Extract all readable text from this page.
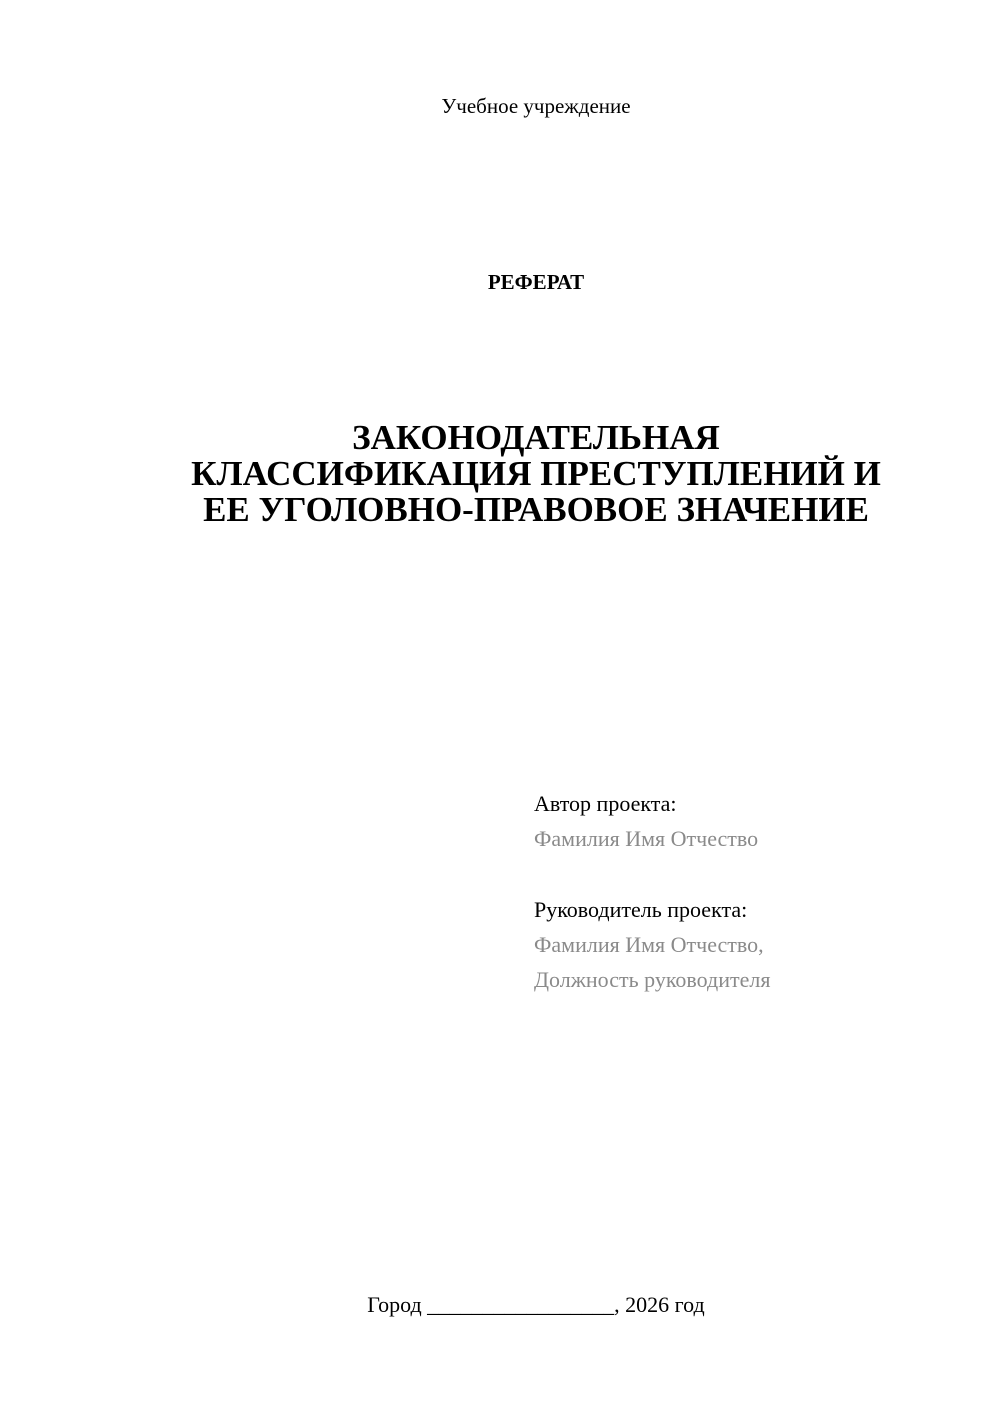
Учебное учреждение
РЕФЕРАТ
ЗАКОНОДАТЕЛЬНАЯ
КЛАССИФИКАЦИЯ ПРЕСТУПЛЕНИЙ И
ЕЕ УГОЛОВНО-ПРАВОВОЕ ЗНАЧЕНИЕ
Автор проекта:
Фамилия Имя Отчество
Руководитель проекта:
Фамилия Имя Отчество,
Должность руководителя
Город _________________, 2026 год
